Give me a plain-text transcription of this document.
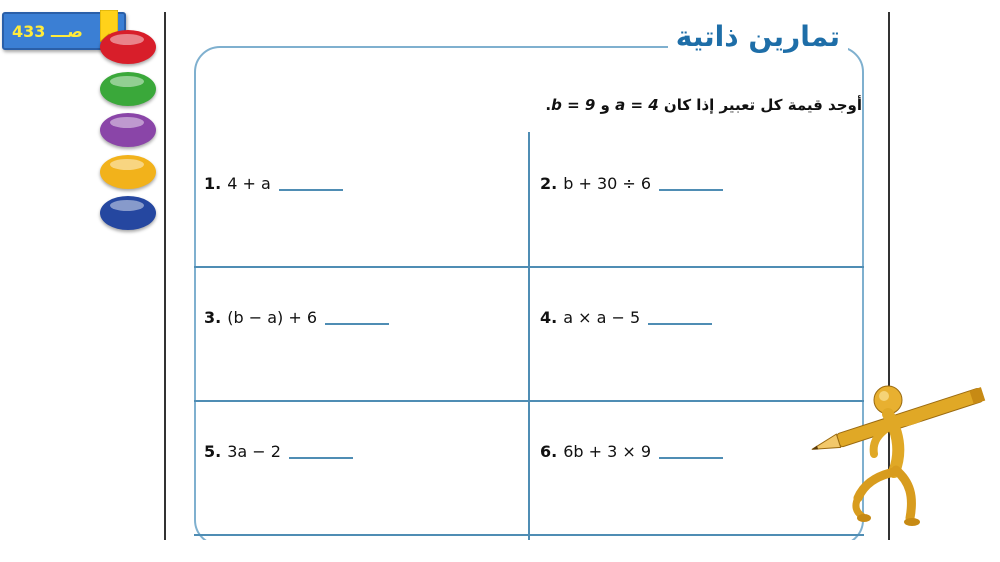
433 صـــ	تمارين ذاتية
.b = 9 و a = 4 أوجد قيمة كل تعبير إذا كان
1. 4 + a	2. b + 30 ÷ 6
3. (b − a) + 6	4. a × a − 5
5. 3a − 2	6. 6b + 3 × 9
